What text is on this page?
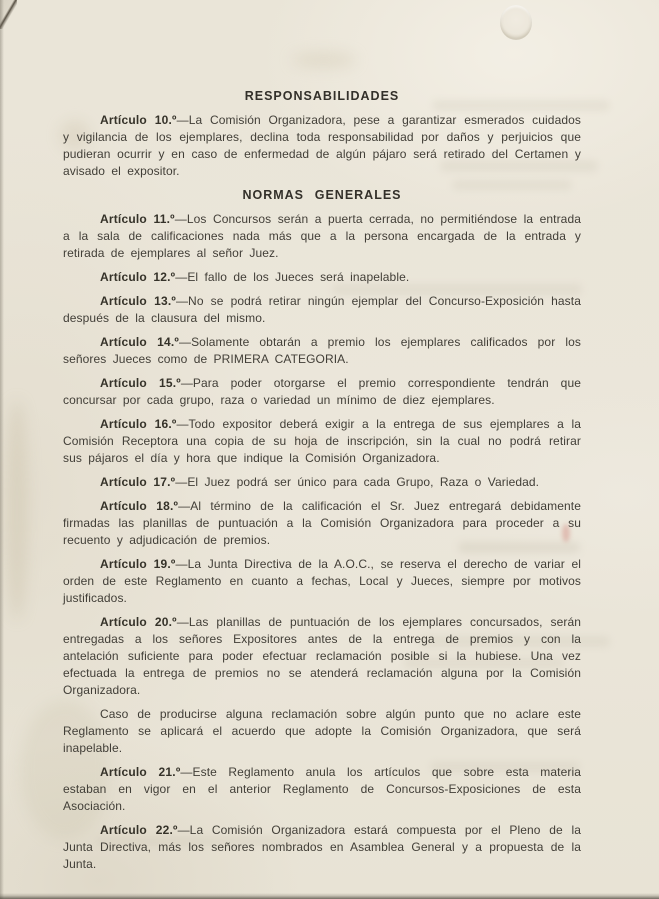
RESPONSABILIDADES

Artículo 10.º—La Comisión Organizadora, pese a garantizar esmerados cuidados y vigilancia de los ejemplares, declina toda responsabilidad por daños y perjuicios que pudieran ocurrir y en caso de enfermedad de algún pájaro será retirado del Certamen y avisado el expositor.

NORMAS GENERALES

Artículo 11.º—Los Concursos serán a puerta cerrada, no permitiéndose la entrada a la sala de calificaciones nada más que a la persona encargada de la entrada y retirada de ejemplares al señor Juez.

Artículo 12.º—El fallo de los Jueces será inapelable.

Artículo 13.º—No se podrá retirar ningún ejemplar del Concurso-Exposición hasta después de la clausura del mismo.

Artículo 14.º—Solamente obtarán a premio los ejemplares calificados por los señores Jueces como de PRIMERA CATEGORIA.

Artículo 15.º—Para poder otorgarse el premio correspondiente tendrán que concursar por cada grupo, raza o variedad un mínimo de diez ejemplares.

Artículo 16.º—Todo expositor deberá exigir a la entrega de sus ejemplares a la Comisión Receptora una copia de su hoja de inscripción, sin la cual no podrá retirar sus pájaros el día y hora que indique la Comisión Organizadora.

Artículo 17.º—El Juez podrá ser único para cada Grupo, Raza o Variedad.

Artículo 18.º—Al término de la calificación el Sr. Juez entregará debidamente firmadas las planillas de puntuación a la Comisión Organizadora para proceder a su recuento y adjudicación de premios.

Artículo 19.º—La Junta Directiva de la A.O.C., se reserva el derecho de variar el orden de este Reglamento en cuanto a fechas, Local y Jueces, siempre por motivos justificados.

Artículo 20.º—Las planillas de puntuación de los ejemplares concursados, serán entregadas a los señores Expositores antes de la entrega de premios y con la antelación suficiente para poder efectuar reclamación posible si la hubiese. Una vez efectuada la entrega de premios no se atenderá reclamación alguna por la Comisión Organizadora.

Caso de producirse alguna reclamación sobre algún punto que no aclare este Reglamento se aplicará el acuerdo que adopte la Comisión Organizadora, que será inapelable.

Artículo 21.º—Este Reglamento anula los artículos que sobre esta materia estaban en vigor en el anterior Reglamento de Concursos-Exposiciones de esta Asociación.

Artículo 22.º—La Comisión Organizadora estará compuesta por el Pleno de la Junta Directiva, más los señores nombrados en Asamblea General y a propuesta de la Junta.
